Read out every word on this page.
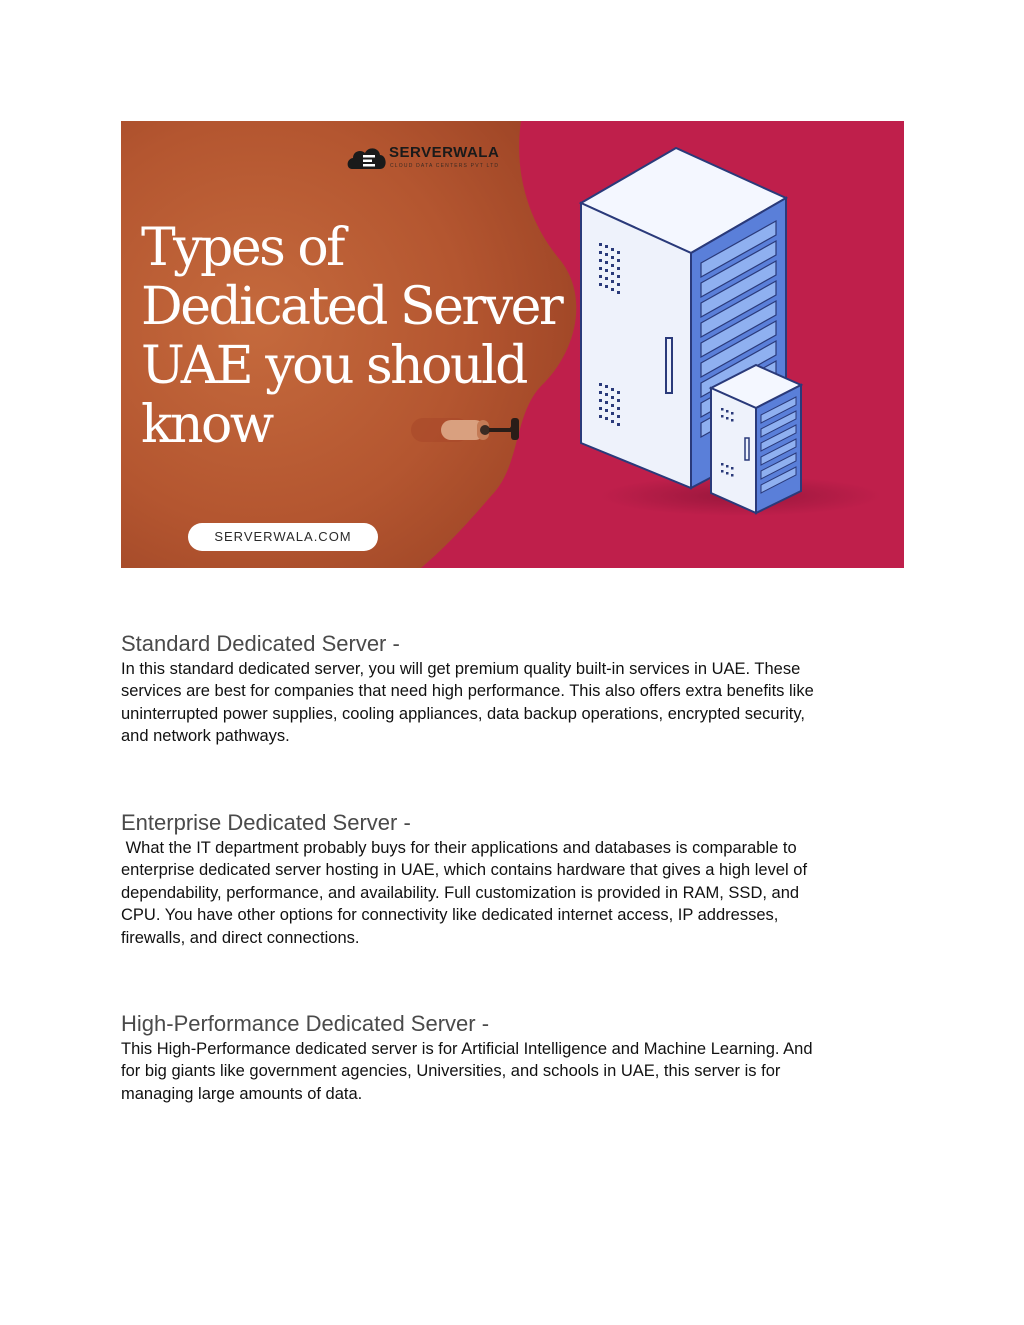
SERVERWALA
CLOUD DATA CENTERS PVT LTD
Types of
Dedicated Server
UAE you should
know
SERVERWALA.COM
Standard Dedicated Server -

In this standard dedicated server, you will get premium quality built-in services in UAE. These
services are best for companies that need high performance. This also offers extra benefits like
uninterrupted power supplies, cooling appliances, data backup operations, encrypted security,
and network pathways.

Enterprise Dedicated Server -

What the IT department probably buys for their applications and databases is comparable to
enterprise dedicated server hosting in UAE, which contains hardware that gives a high level of
dependability, performance, and availability. Full customization is provided in RAM, SSD, and
CPU. You have other options for connectivity like dedicated internet access, IP addresses,
firewalls, and direct connections.

High-Performance Dedicated Server -

This High-Performance dedicated server is for Artificial Intelligence and Machine Learning. And
for big giants like government agencies, Universities, and schools in UAE, this server is for
managing large amounts of data.
